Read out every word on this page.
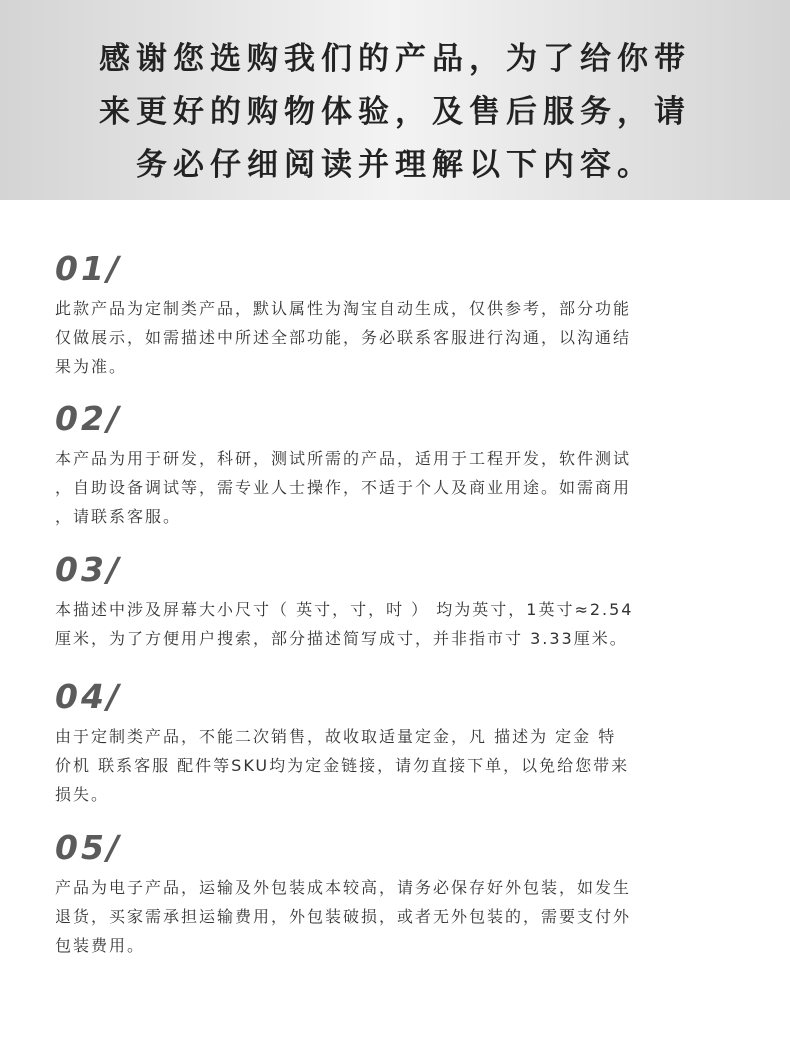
感谢您选购我们的产品，为了给你带

来更好的购物体验，及售后服务，请

务必仔细阅读并理解以下内容。

01/

此款产品为定制类产品，默认属性为淘宝自动生成，仅供参考，部分功能
仅做展示，如需描述中所述全部功能，务必联系客服进行沟通，以沟通结
果为准。

02/

本产品为用于研发，科研，测试所需的产品，适用于工程开发，软件测试
，自助设备调试等，需专业人士操作，不适于个人及商业用途。如需商用
，请联系客服。

03/

本描述中涉及屏幕大小尺寸（ 英寸，寸，吋 ） 均为英寸，1英寸≈2.54
厘米，为了方便用户搜索，部分描述简写成寸，并非指市寸 3.33厘米。

04/

由于定制类产品，不能二次销售，故收取适量定金，凡 描述为 定金 特
价机 联系客服 配件等SKU均为定金链接，请勿直接下单，以免给您带来
损失。

05/

产品为电子产品，运输及外包装成本较高，请务必保存好外包装，如发生
退货，买家需承担运输费用，外包装破损，或者无外包装的，需要支付外
包装费用。
